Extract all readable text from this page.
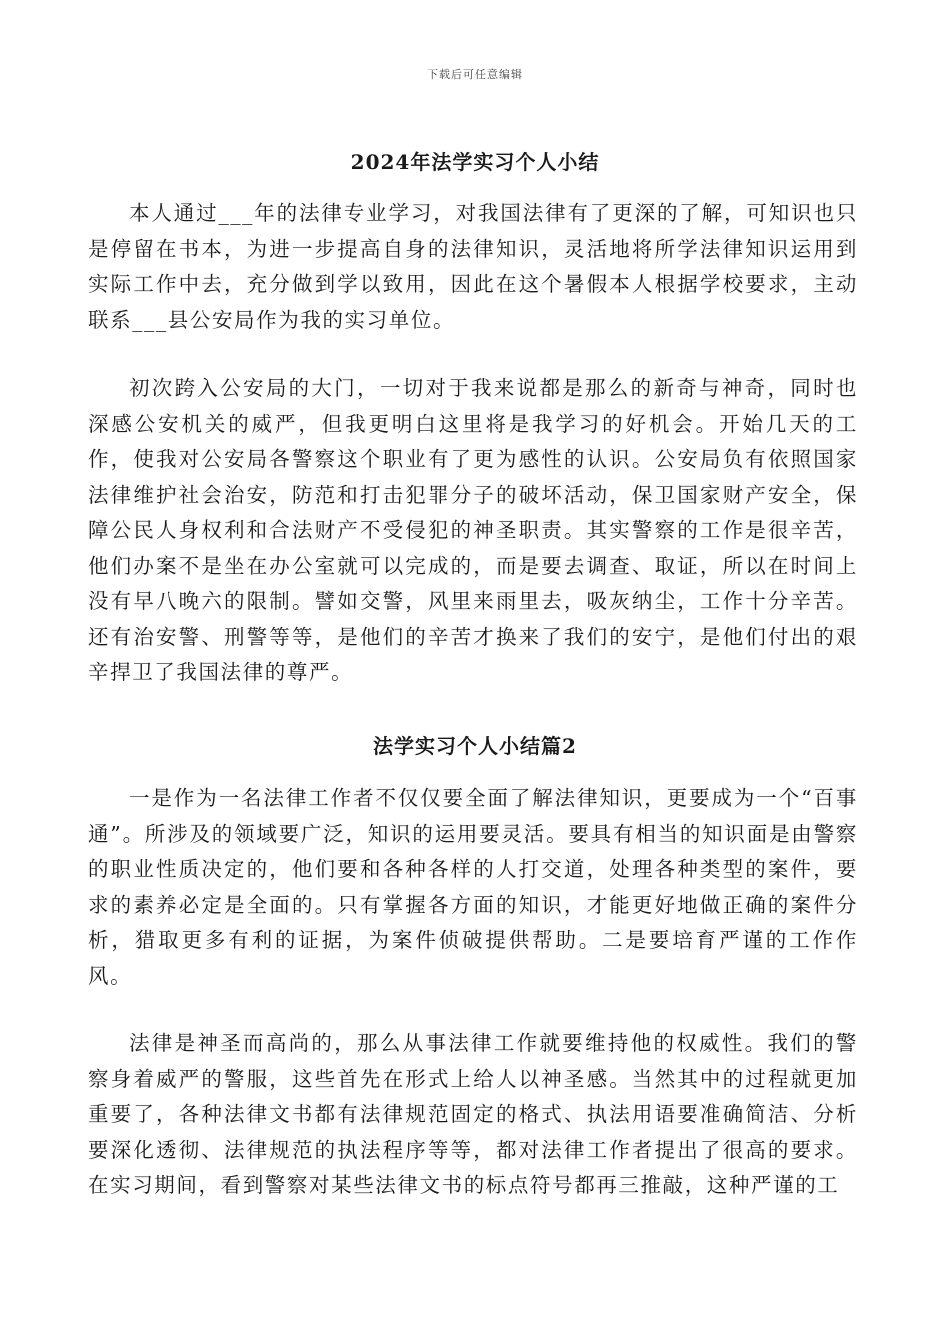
下载后可任意编辑
2024年法学实习个人小结

本人通过___年的法律专业学习，对我国法律有了更深的了解，可知识也只是停留在书本，为进一步提高自身的法律知识，灵活地将所学法律知识运用到实际工作中去，充分做到学以致用，因此在这个暑假本人根据学校要求，主动联系___县公安局作为我的实习单位。

初次跨入公安局的大门，一切对于我来说都是那么的新奇与神奇，同时也深感公安机关的威严，但我更明白这里将是我学习的好机会。开始几天的工作，使我对公安局各警察这个职业有了更为感性的认识。公安局负有依照国家法律维护社会治安，防范和打击犯罪分子的破坏活动，保卫国家财产安全，保障公民人身权利和合法财产不受侵犯的神圣职责。其实警察的工作是很辛苦，他们办案不是坐在办公室就可以完成的，而是要去调查、取证，所以在时间上没有早八晚六的限制。譬如交警，风里来雨里去，吸灰纳尘，工作十分辛苦。还有治安警、刑警等等，是他们的辛苦才换来了我们的安宁，是他们付出的艰辛捍卫了我国法律的尊严。

法学实习个人小结篇2

一是作为一名法律工作者不仅仅要全面了解法律知识，更要成为一个“百事通”。所涉及的领域要广泛，知识的运用要灵活。要具有相当的知识面是由警察的职业性质决定的，他们要和各种各样的人打交道，处理各种类型的案件，要求的素养必定是全面的。只有掌握各方面的知识，才能更好地做正确的案件分析，猎取更多有利的证据，为案件侦破提供帮助。二是要培育严谨的工作作风。

法律是神圣而高尚的，那么从事法律工作就要维持他的权威性。我们的警察身着威严的警服，这些首先在形式上给人以神圣感。当然其中的过程就更加重要了，各种法律文书都有法律规范固定的格式、执法用语要准确简洁、分析要深化透彻、法律规范的执法程序等等，都对法律工作者提出了很高的要求。在实习期间，看到警察对某些法律文书的标点符号都再三推敲，这种严谨的工
